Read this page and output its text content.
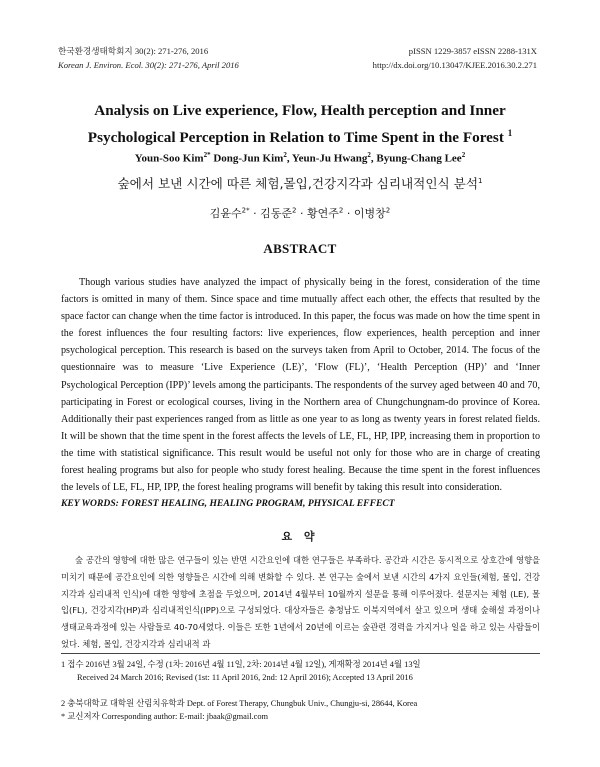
한국환경생태학회지 30(2): 271-276, 2016
Korean J. Environ. Ecol. 30(2): 271-276, April 2016
pISSN 1229-3857 eISSN 2288-131X
http://dx.doi.org/10.13047/KJEE.2016.30.2.271
Analysis on Live experience, Flow, Health perception and Inner
Psychological Perception in Relation to Time Spent in the Forest $^1$
Youn-Soo Kim$^{2*}$ Dong-Jun Kim$^2$, Yeun-Ju Hwang$^2$, Byung-Chang Lee$^2$
숲에서 보낸 시간에 따른 체험,몰입,건강지각과 심리내적인식 분석$^1$
김윤수$^{2*}$ · 김동준$^2$ · 황연주$^2$ · 이병창$^2$
ABSTRACT

Though various studies have analyzed the impact of physically being in the forest, consideration of the time factors is omitted in many of them. Since space and time mutually affect each other, the effects that resulted by the space factor can change when the time factor is introduced. In this paper, the focus was made on how the time spent in the forest influences the four resulting factors: live experiences, flow experiences, health perception and inner psychological perception. This research is based on the surveys taken from April to October, 2014. The focus of the questionnaire was to measure ‘Live Experience (LE)’, ‘Flow (FL)’, ‘Health Perception (HP)’ and ‘Inner Psychological Perception (IPP)’ levels among the participants. The respondents of the survey aged between 40 and 70, participating in Forest or ecological courses, living in the Northern area of Chungchungnam-do province of Korea. Additionally their past experiences ranged from as little as one year to as long as twenty years in forest related fields. It will be shown that the time spent in the forest affects the levels of LE, FL, HP, IPP, increasing them in proportion to the time with statistical significance. This result would be useful not only for those who are in charge of creating forest healing programs but also for people who study forest healing. Because the time spent in the forest influences the levels of LE, FL, HP, IPP, the forest healing programs will benefit by taking this result into consideration.

KEY WORDS: FOREST HEALING, HEALING PROGRAM, PHYSICAL EFFECT
요 약

숲 공간의 영향에 대한 많은 연구들이 있는 반면 시간요인에 대한 연구들은 부족하다. 공간과 시간은 동시적으로 상호간에 영향을 미치기 때문에 공간요인에 의한 영향들은 시간에 의해 변화할 수 있다. 본 연구는 숲에서 보낸 시간의 4가지 요인들(체험, 몰입, 건강지각과 심리내적 인식)에 대한 영향에 초점을 두었으며, 2014년 4월부터 10월까지 설문을 통해 이루어졌다. 설문지는 체험 (LE), 몰입(FL), 건강지각(HP)과 심리내적인식(IPP)으로 구성되었다. 대상자들은 충청남도 이북지역에서 살고 있으며 생태 숲해설 과정이나 생태교육과정에 있는 사람들로 40-70세였다. 이들은 또한 1년에서 20년에 이르는 숲관련 경력을 가지거나 일을 하고 있는 사람들이었다. 체험, 몰입, 건강지각과 심리내적 과

1 접수 2016년 3월 24일, 수정 (1차: 2016년 4월 11일, 2차: 2014년 4월 12일), 게재확정 2014년 4월 13일
Received 24 March 2016; Revised (1st: 11 April 2016, 2nd: 12 April 2016); Accepted 13 April 2016
2 충북대학교 대학원 산림치유학과 Dept. of Forest Therapy, Chungbuk Univ., Chungju-si, 28644, Korea
* 교신저자 Corresponding author: E-mail: jbaak@gmail.com
